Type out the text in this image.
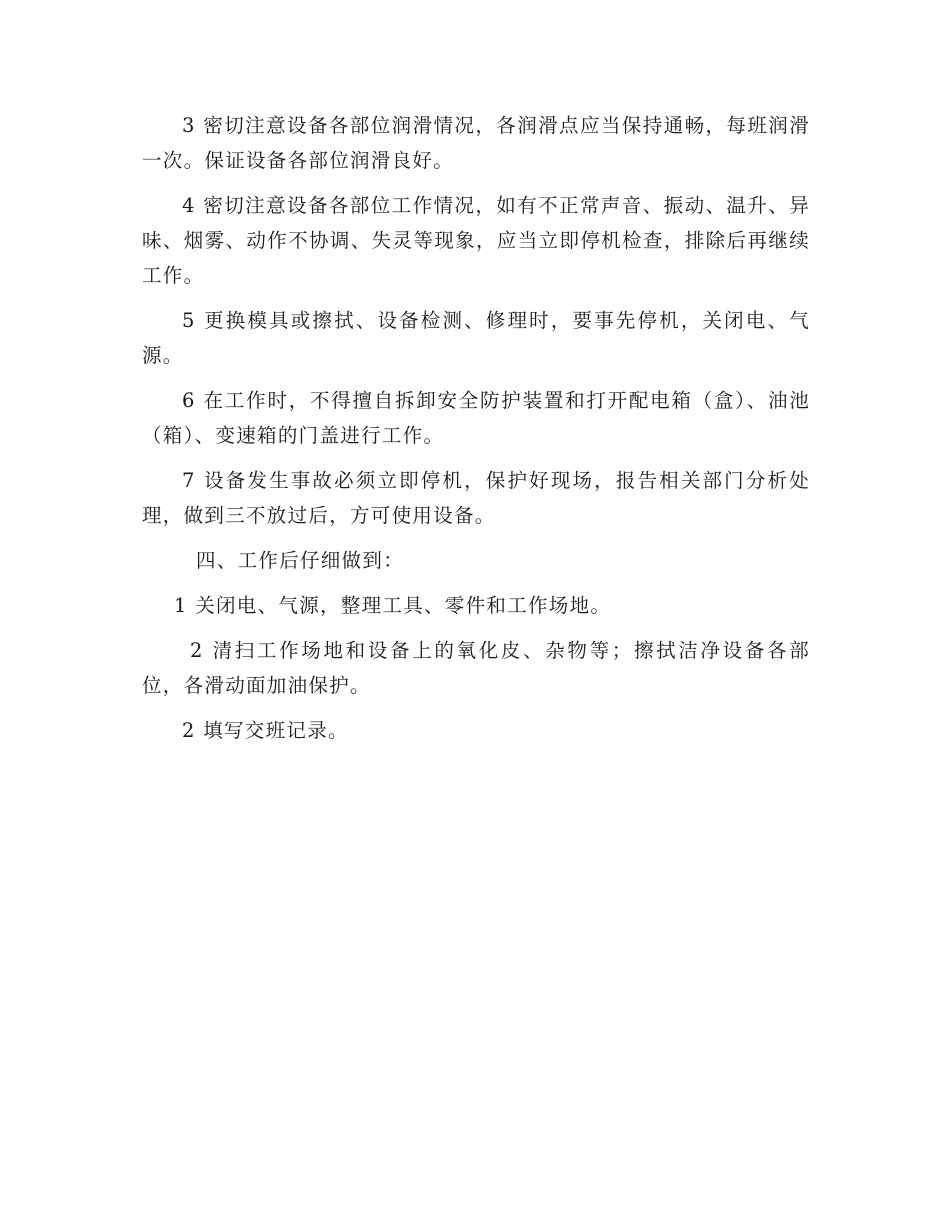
3 密切注意设备各部位润滑情况，各润滑点应当保持通畅，每班润滑一次。保证设备各部位润滑良好。

4 密切注意设备各部位工作情况，如有不正常声音、振动、温升、异味、烟雾、动作不协调、失灵等现象，应当立即停机检查，排除后再继续工作。

5 更换模具或擦拭、设备检测、修理时，要事先停机，关闭电、气源。

6 在工作时，不得擅自拆卸安全防护装置和打开配电箱（盒）、油池（箱）、变速箱的门盖进行工作。

7 设备发生事故必须立即停机，保护好现场，报告相关部门分析处理，做到三不放过后，方可使用设备。

四、工作后仔细做到：

1 关闭电、气源，整理工具、零件和工作场地。

2 清扫工作场地和设备上的氧化皮、杂物等；擦拭洁净设备各部位，各滑动面加油保护。

2 填写交班记录。
